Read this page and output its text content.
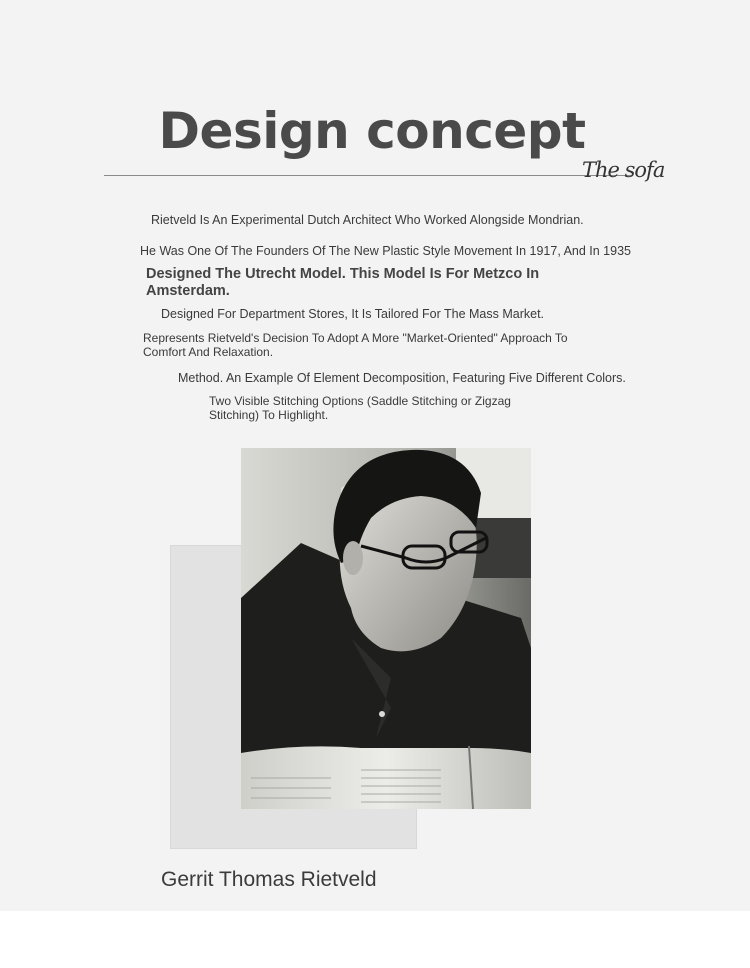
Design concept
The sofa
Rietveld Is An Experimental Dutch Architect Who Worked Alongside Mondrian.
He Was One Of The Founders Of The New Plastic Style Movement In 1917, And In 1935
Designed The Utrecht Model. This Model Is For Metzco In Amsterdam.
Designed For Department Stores, It Is Tailored For The Mass Market.
Represents Rietveld's Decision To Adopt A More "Market-Oriented" Approach To Comfort And Relaxation.
Method. An Example Of Element Decomposition, Featuring Five Different Colors.
Two Visible Stitching Options (Saddle Stitching or Zigzag Stitching) To Highlight.
Gerrit Thomas Rietveld
